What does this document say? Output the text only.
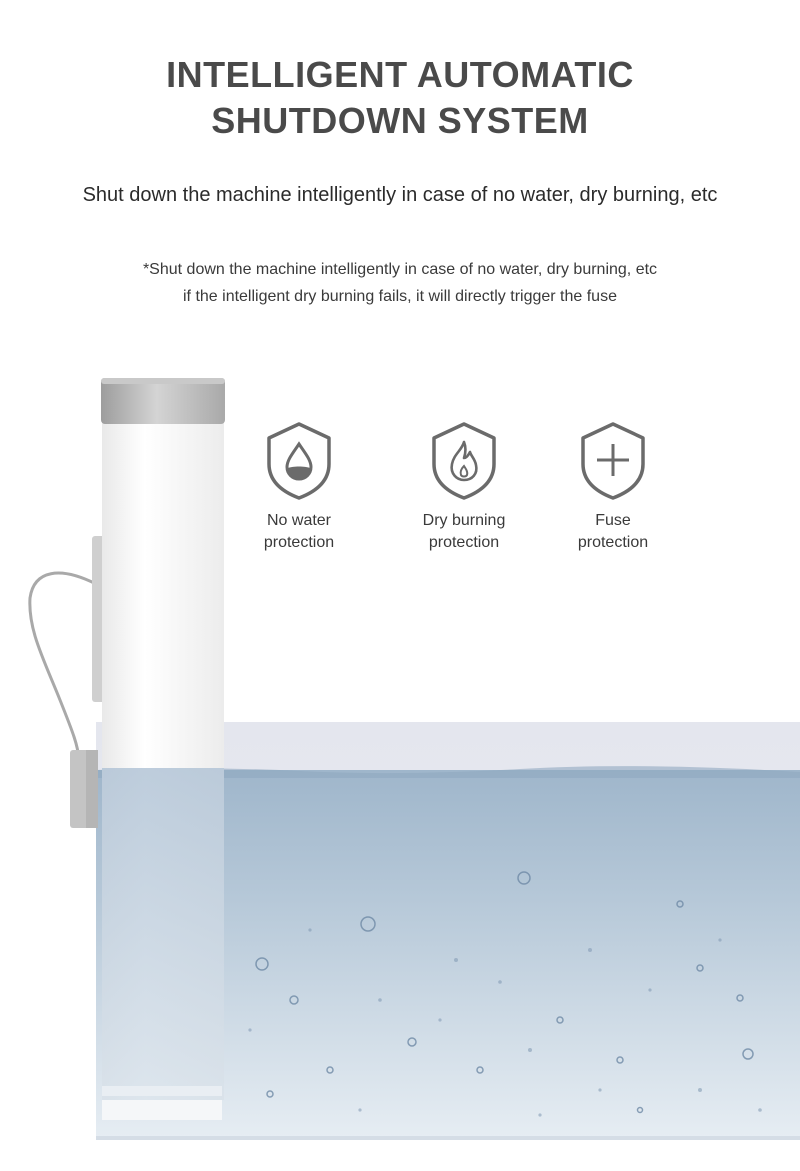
INTELLIGENT AUTOMATIC
SHUTDOWN SYSTEM

Shut down the machine intelligently in case of no water, dry burning, etc

*Shut down the machine intelligently in case of no water, dry burning, etc
if the intelligent dry burning fails, it will directly trigger the fuse

No water
protection
Dry burning
protection
Fuse
protection
